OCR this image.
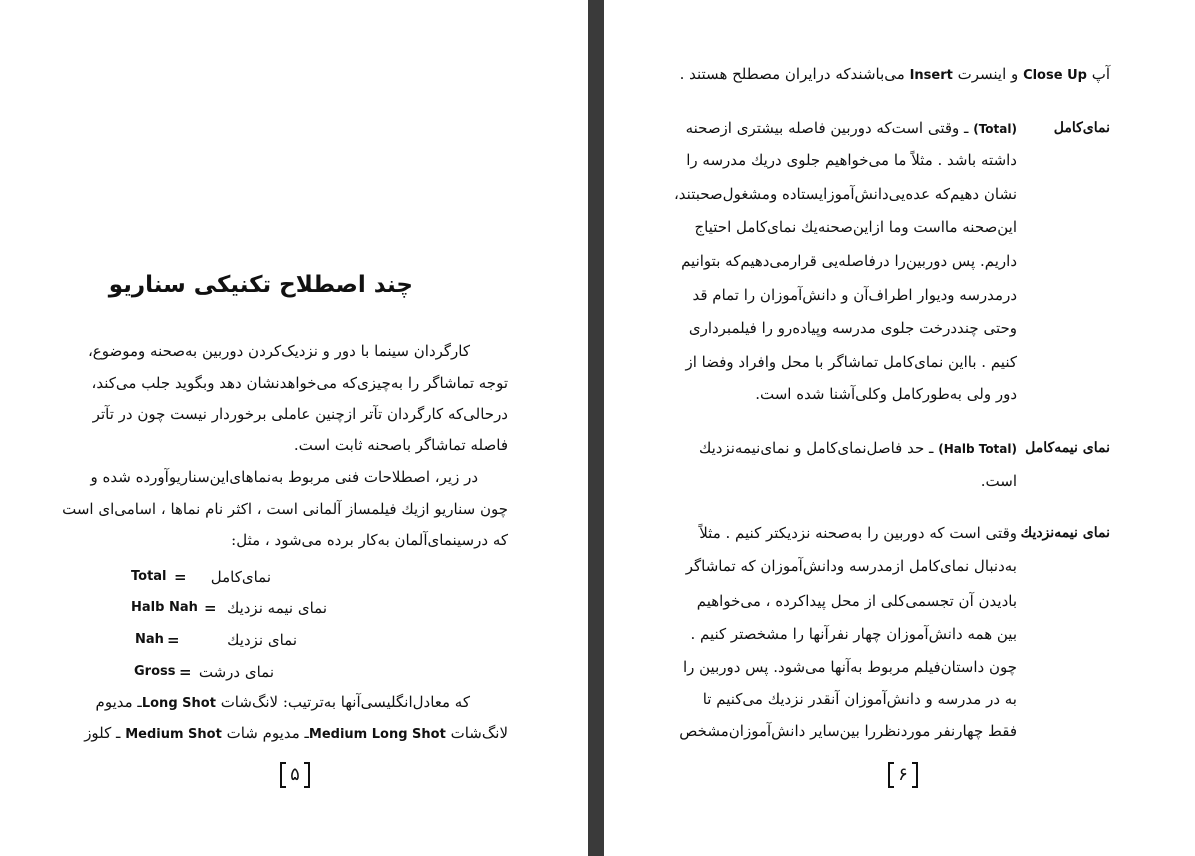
چند اصطلاح تکنیکی سناریو
کارگردان سینما با دور و نزدیک‌کردن دوربین به‌صحنه وموضوع،
توجه تماشاگر را به‌چیزی‌که می‌خواهدنشان دهد وبگوید جلب می‌کند،
درحالی‌که کارگردان تآتر ازچنین عاملی برخوردار نیست چون در تآتر
فاصله تماشاگر باصحنه ثابت است.
در زیر، اصطلاحات فنی مربوط به‌نماهای‌این‌سناریو‌آورده شده و
چون سناریو ازیك فیلمساز آلمانی است ، اکثر نام نماها ، اسامی‌ای است
که درسینمای‌آلمان به‌کار برده می‌شود ، مثل:
Total = نمای‌کامل
Halb Nah = نمای نیمه نزدیك
Nah =	نمای نزدیك
Gross = نمای درشت
که معادل‌انگلیسی‌آنها به‌ترتیب: لانگ‌شات Long Shotـ مدیوم
لانگ‌شات Medium Long Shotـ مدیوم شات Medium Shot ـ کلوز
۵
آپ Close Up و اینسرت Insert می‌باشندکه درایران مصطلح هستند .
نمای‌کامل
(Total) ـ وقتی است‌که دوربین فاصله بیشتری ازصحنه
داشته باشد . مثلاً ما می‌خواهیم جلوی دریك مدرسه را
نشان دهیم‌که عده‌یی‌دانش‌آموزایستاده ومشغول‌صحبتند،
این‌صحنه مااست وما ازاین‌صحنه‌یك نمای‌کامل احتیاج
داریم. پس دوربین‌را درفاصله‌یی قرارمی‌دهیم‌که بتوانیم
درمدرسه ودیوار اطراف‌آن و دانش‌آموزان را تمام قد
وحتی چنددرخت جلوی مدرسه وپیادەرو را فیلمبرداری
کنیم . بااین نمای‌کامل تماشاگر با محل وافراد وفضا از
دور ولی به‌طورکامل وکلی‌آشنا شده است.
نمای نیمه‌کامل
(Halb Total) ـ حد فاصل‌نمای‌کامل و نمای‌نیمه‌نزدیك
است.
نمای نیمه‌نزدیك
وقتی است که دوربین را به‌صحنه نزدیکتر کنیم . مثلاً
به‌دنبال نمای‌کامل ازمدرسه ودانش‌آموزان که تماشاگر
بادیدن آن تجسمی‌کلی از محل پیداکرده ، می‌خواهیم
بین همه دانش‌آموزان چهار نفرآنها را مشخصتر کنیم .
چون داستان‌فیلم مربوط به‌آنها می‌شود. پس دوربین را
به در مدرسه و دانش‌آموزان آنقدر نزدیك می‌کنیم تا
فقط چهارنفر موردنظررا بین‌سایر دانش‌آموزان‌مشخص
۶
